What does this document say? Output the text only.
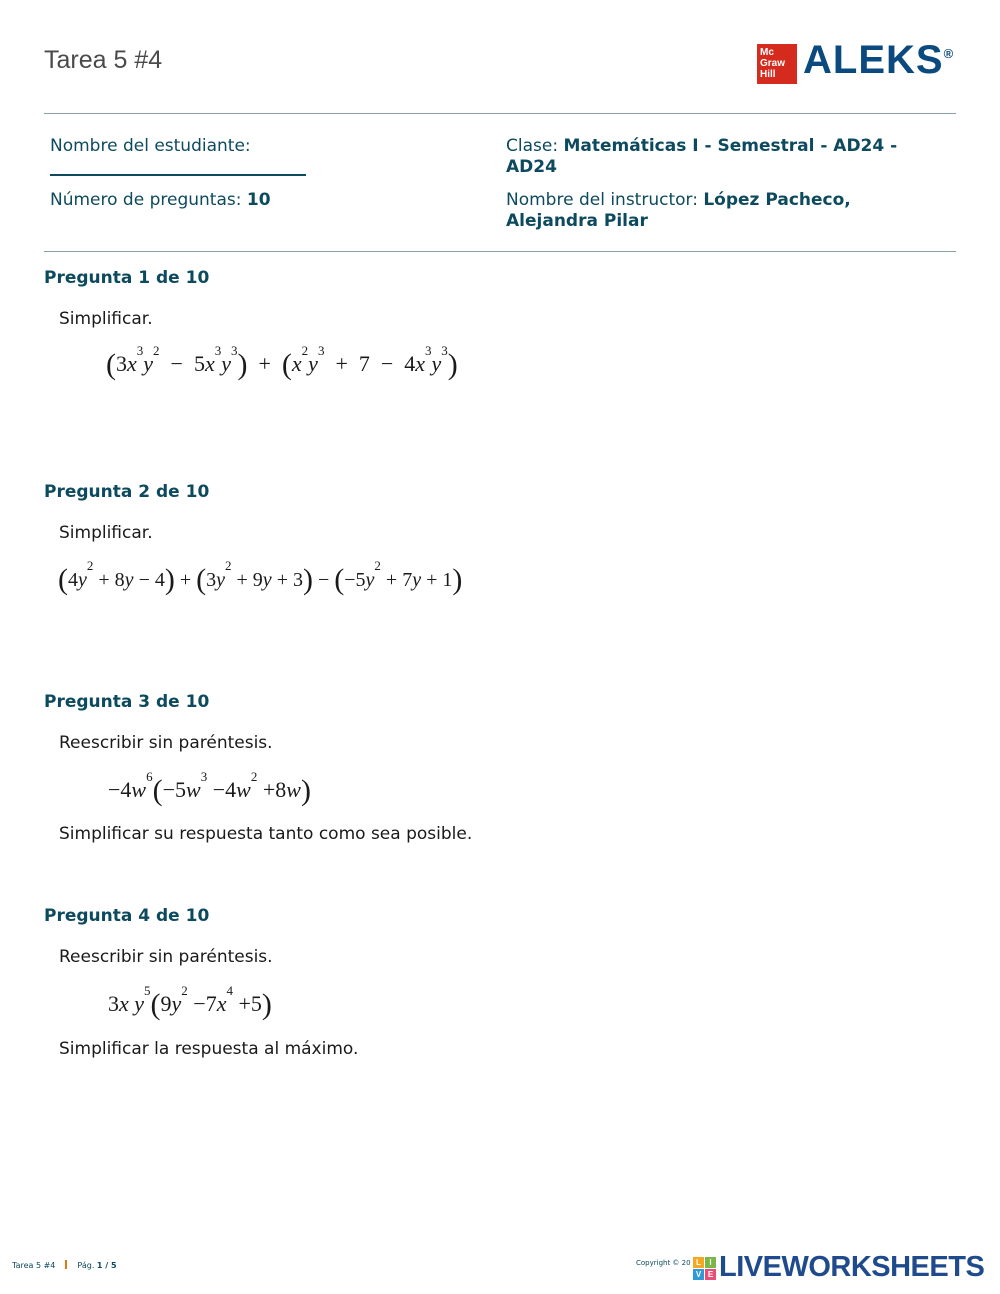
Tarea 5 #4	Mc
Graw
Hill ALEKS®
Nombre del estudiante:
Número de preguntas: 10
Clase: Matemáticas I - Semestral - AD24 -
AD24
Nombre del instructor: López Pacheco,
Alejandra Pilar
Pregunta 1 de 10
Simplificar.
$(3x^3y^2 - 5x^3y^3) + (x^2y^3 + 7 - 4x^3y^3)$
Pregunta 2 de 10
Simplificar.
$(4y^2 + 8y - 4) + (3y^2 + 9y + 3) - (-5y^2 + 7y + 1)$
Pregunta 3 de 10
Reescribir sin paréntesis.
$-4w^6(-5w^3 -4w^2 +8w)$
Simplificar su respuesta tanto como sea posible.
Pregunta 4 de 10
Reescribir sin paréntesis.
3x $y^5(9y^2 -7x^4 +5)$
Simplificar la respuesta al máximo.
Tarea 5 #4	Pág. 1 / 5	Copyright © 20 L	I
V E LIVEWORKSHEETS
